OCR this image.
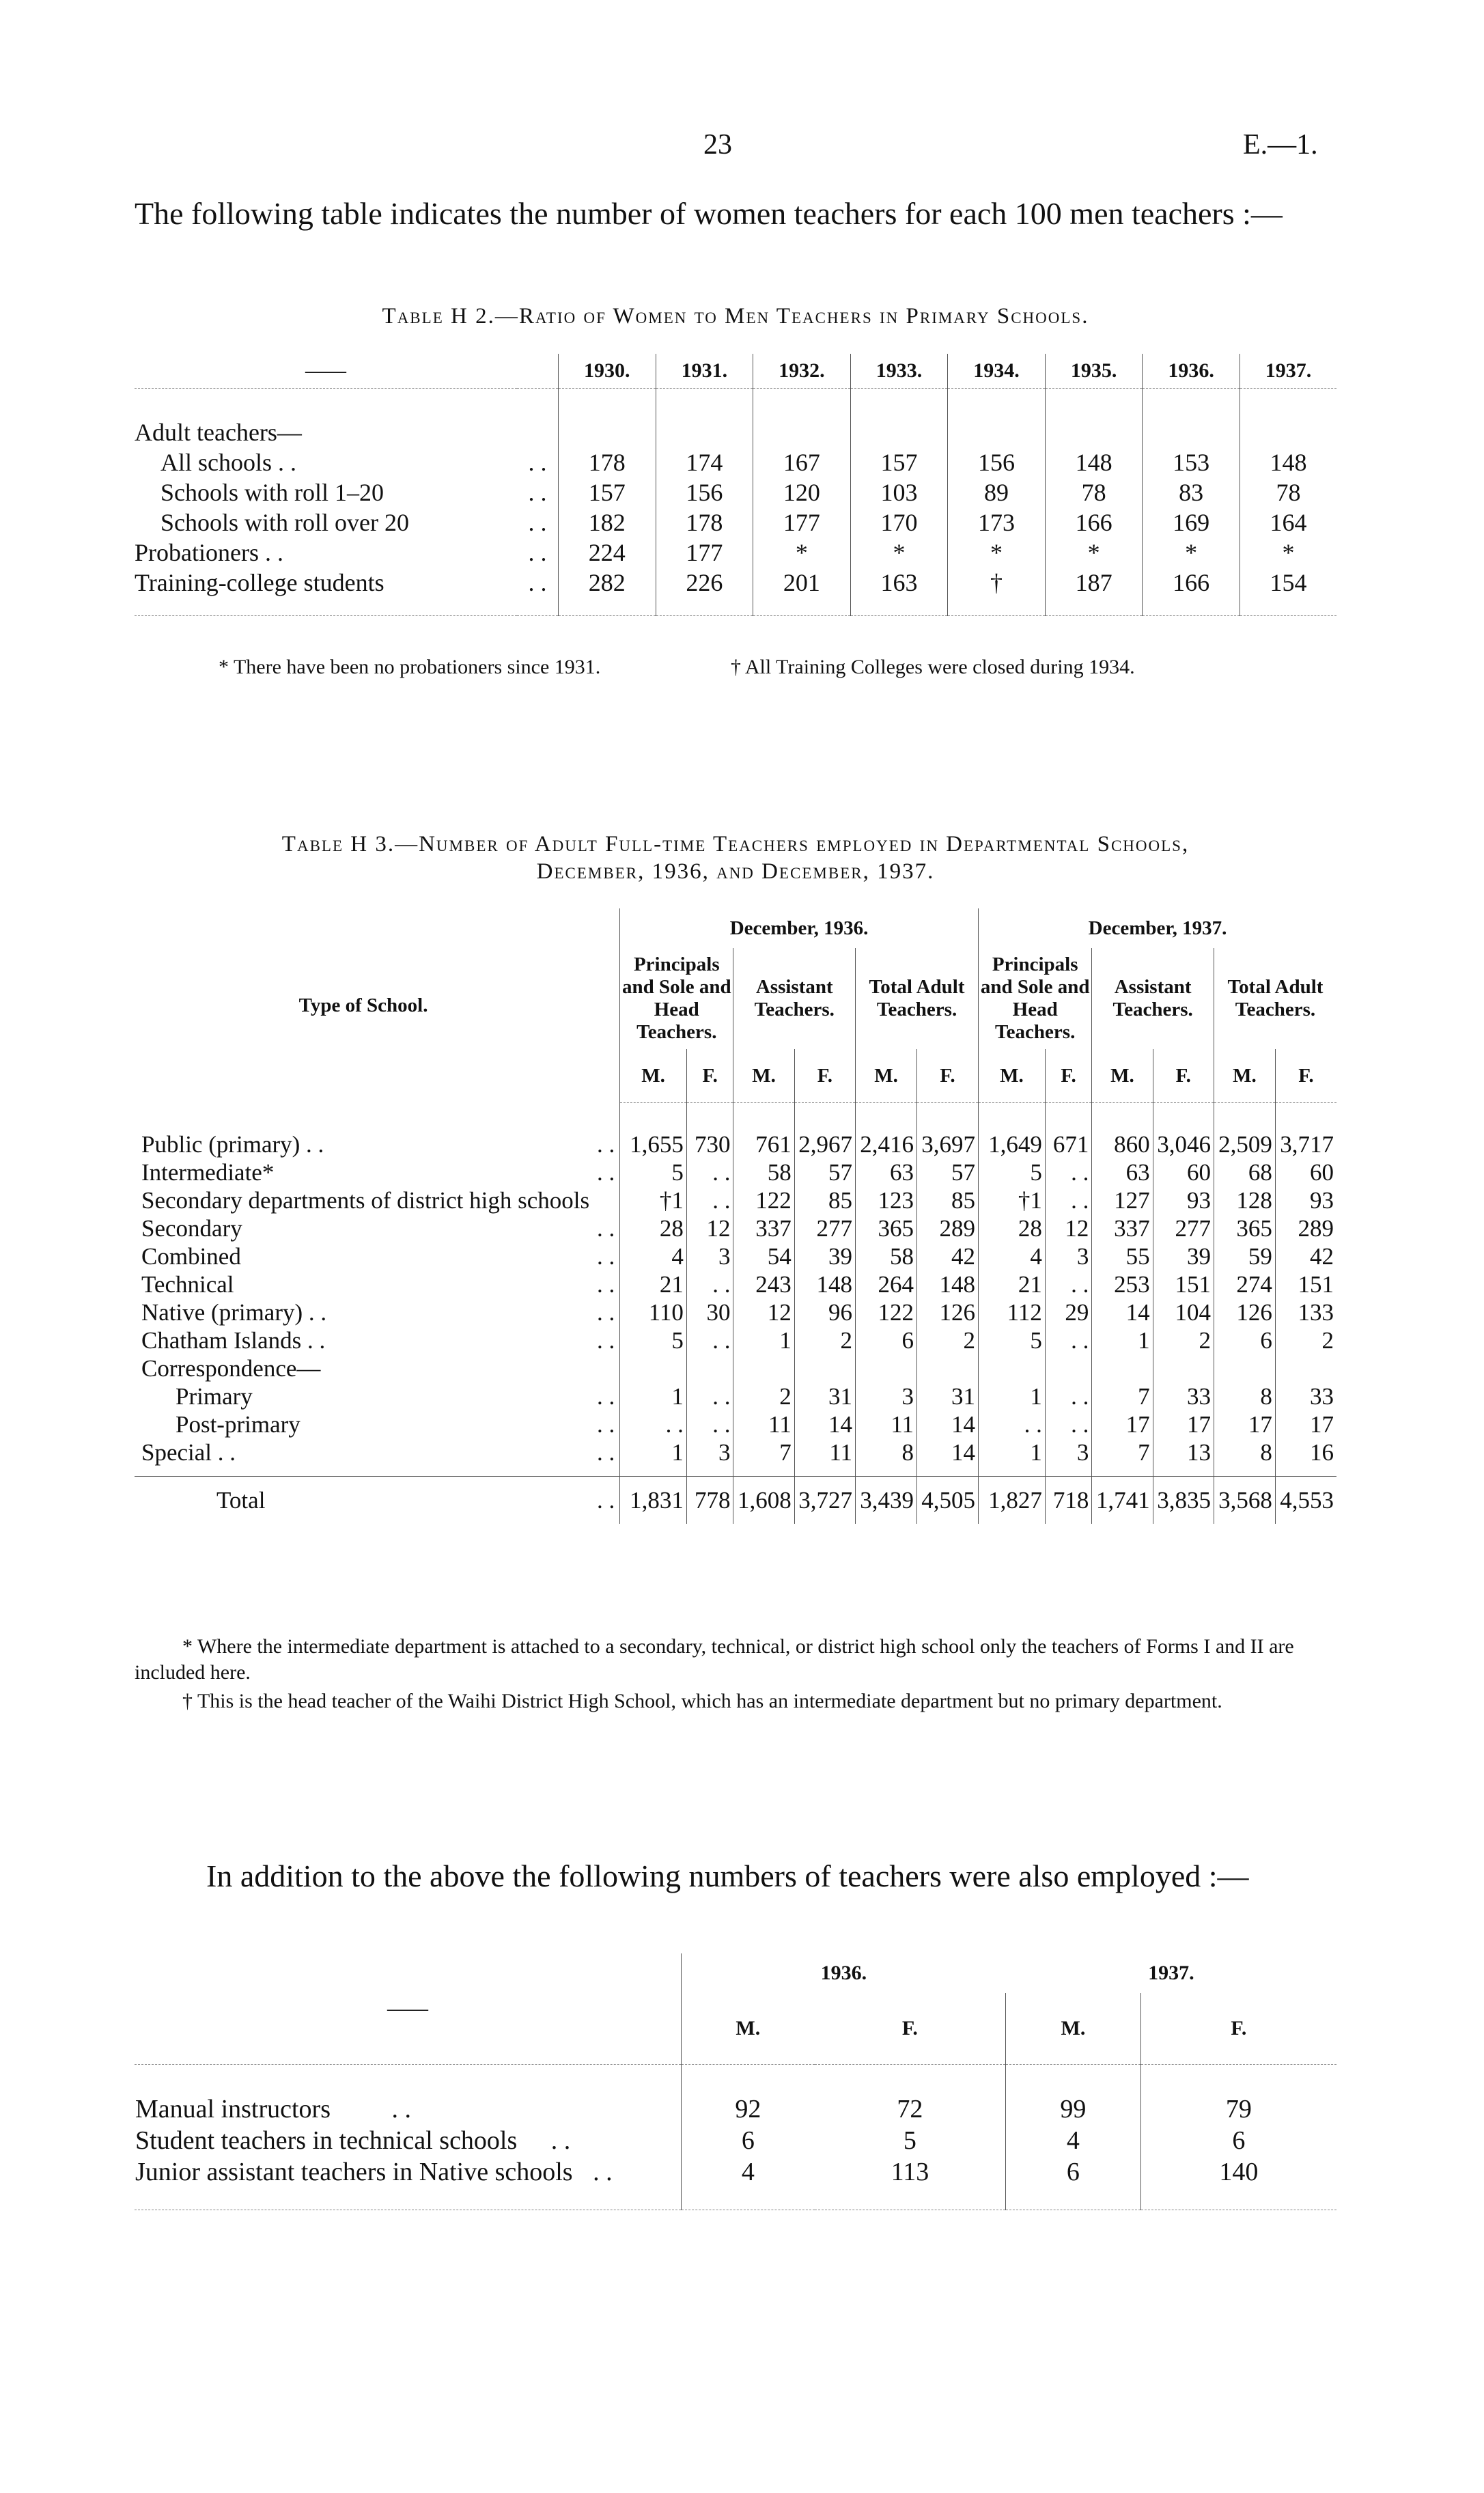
23	E.—1.
The following table indicates the number of women teachers for each 100 men teachers :—
Table H 2.—Ratio of Women to Men Teachers in Primary Schools.
——		1930.	1931.	1932.	1933.	1934.	1935.	1936.	1937.

Adult teachers—									
All schools . .	. .	178	174	167	157	156	148	153	148
Schools with roll 1–20	. .	157	156	120	103	89	78	83	78
Schools with roll over 20	. .	182	178	177	170	173	166	169	164
Probationers . .	. .	224	177	*	*	*	*	*	*
Training-college students	. .	282	226	201	163	†	187	166	154

* There have been no probationers since 1931.	† All Training Colleges were closed during 1934.
Table H 3.—Number of Adult Full-time Teachers employed in Departmental Schools,
December, 1936, and December, 1937.
Type of School.		December, 1936.						December, 1937.					
		Principals and Sole and Head Teachers.		Assistant Teachers.		Total Adult Teachers.		Principals and Sole and Head Teachers.		Assistant Teachers.		Total Adult Teachers.	
		M.	F.	M.	F.	M.	F.	M.	F.	M.	F.	M.	F.

Public (primary) . .	. .	1,655	730	761	2,967	2,416	3,697	1,649	671	860	3,046	2,509	3,717
Intermediate*	. .	5	. .	58	57	63	57	5	. .	63	60	68	60
Secondary departments of district high schools		†1	. .	122	85	123	85	†1	. .	127	93	128	93
Secondary	. .	28	12	337	277	365	289	28	12	337	277	365	289
Combined	. .	4	3	54	39	58	42	4	3	55	39	59	42
Technical	. .	21	. .	243	148	264	148	21	. .	253	151	274	151
Native (primary) . .	. .	110	30	12	96	122	126	112	29	14	104	126	133
Chatham Islands . .	. .	5	. .	1	2	6	2	5	. .	1	2	6	2
Correspondence—													
Primary	. .	1	. .	2	31	3	31	1	. .	7	33	8	33
Post-primary	. .	. .	. .	11	14	11	14	. .	. .	17	17	17	17
Special . .	. .	1	3	7	11	8	14	1	3	7	13	8	16

Total	. .	1,831	778	1,608	3,727	3,439	4,505	1,827	718	1,741	3,835	3,568	4,553
* Where the intermediate department is attached to a secondary, technical, or district high school only the teachers of Forms I and II are included here.
† This is the head teacher of the Waihi District High School, which has an intermediate department but no primary department.
In addition to the above the following numbers of teachers were also employed :—
——	1936.		1937.	
	M.	F.	M.	F.

Manual instructors . .	92	72	99	79
Student teachers in technical schools . .	6	5	4	6
Junior assistant teachers in Native schools . .	4	113	6	140
